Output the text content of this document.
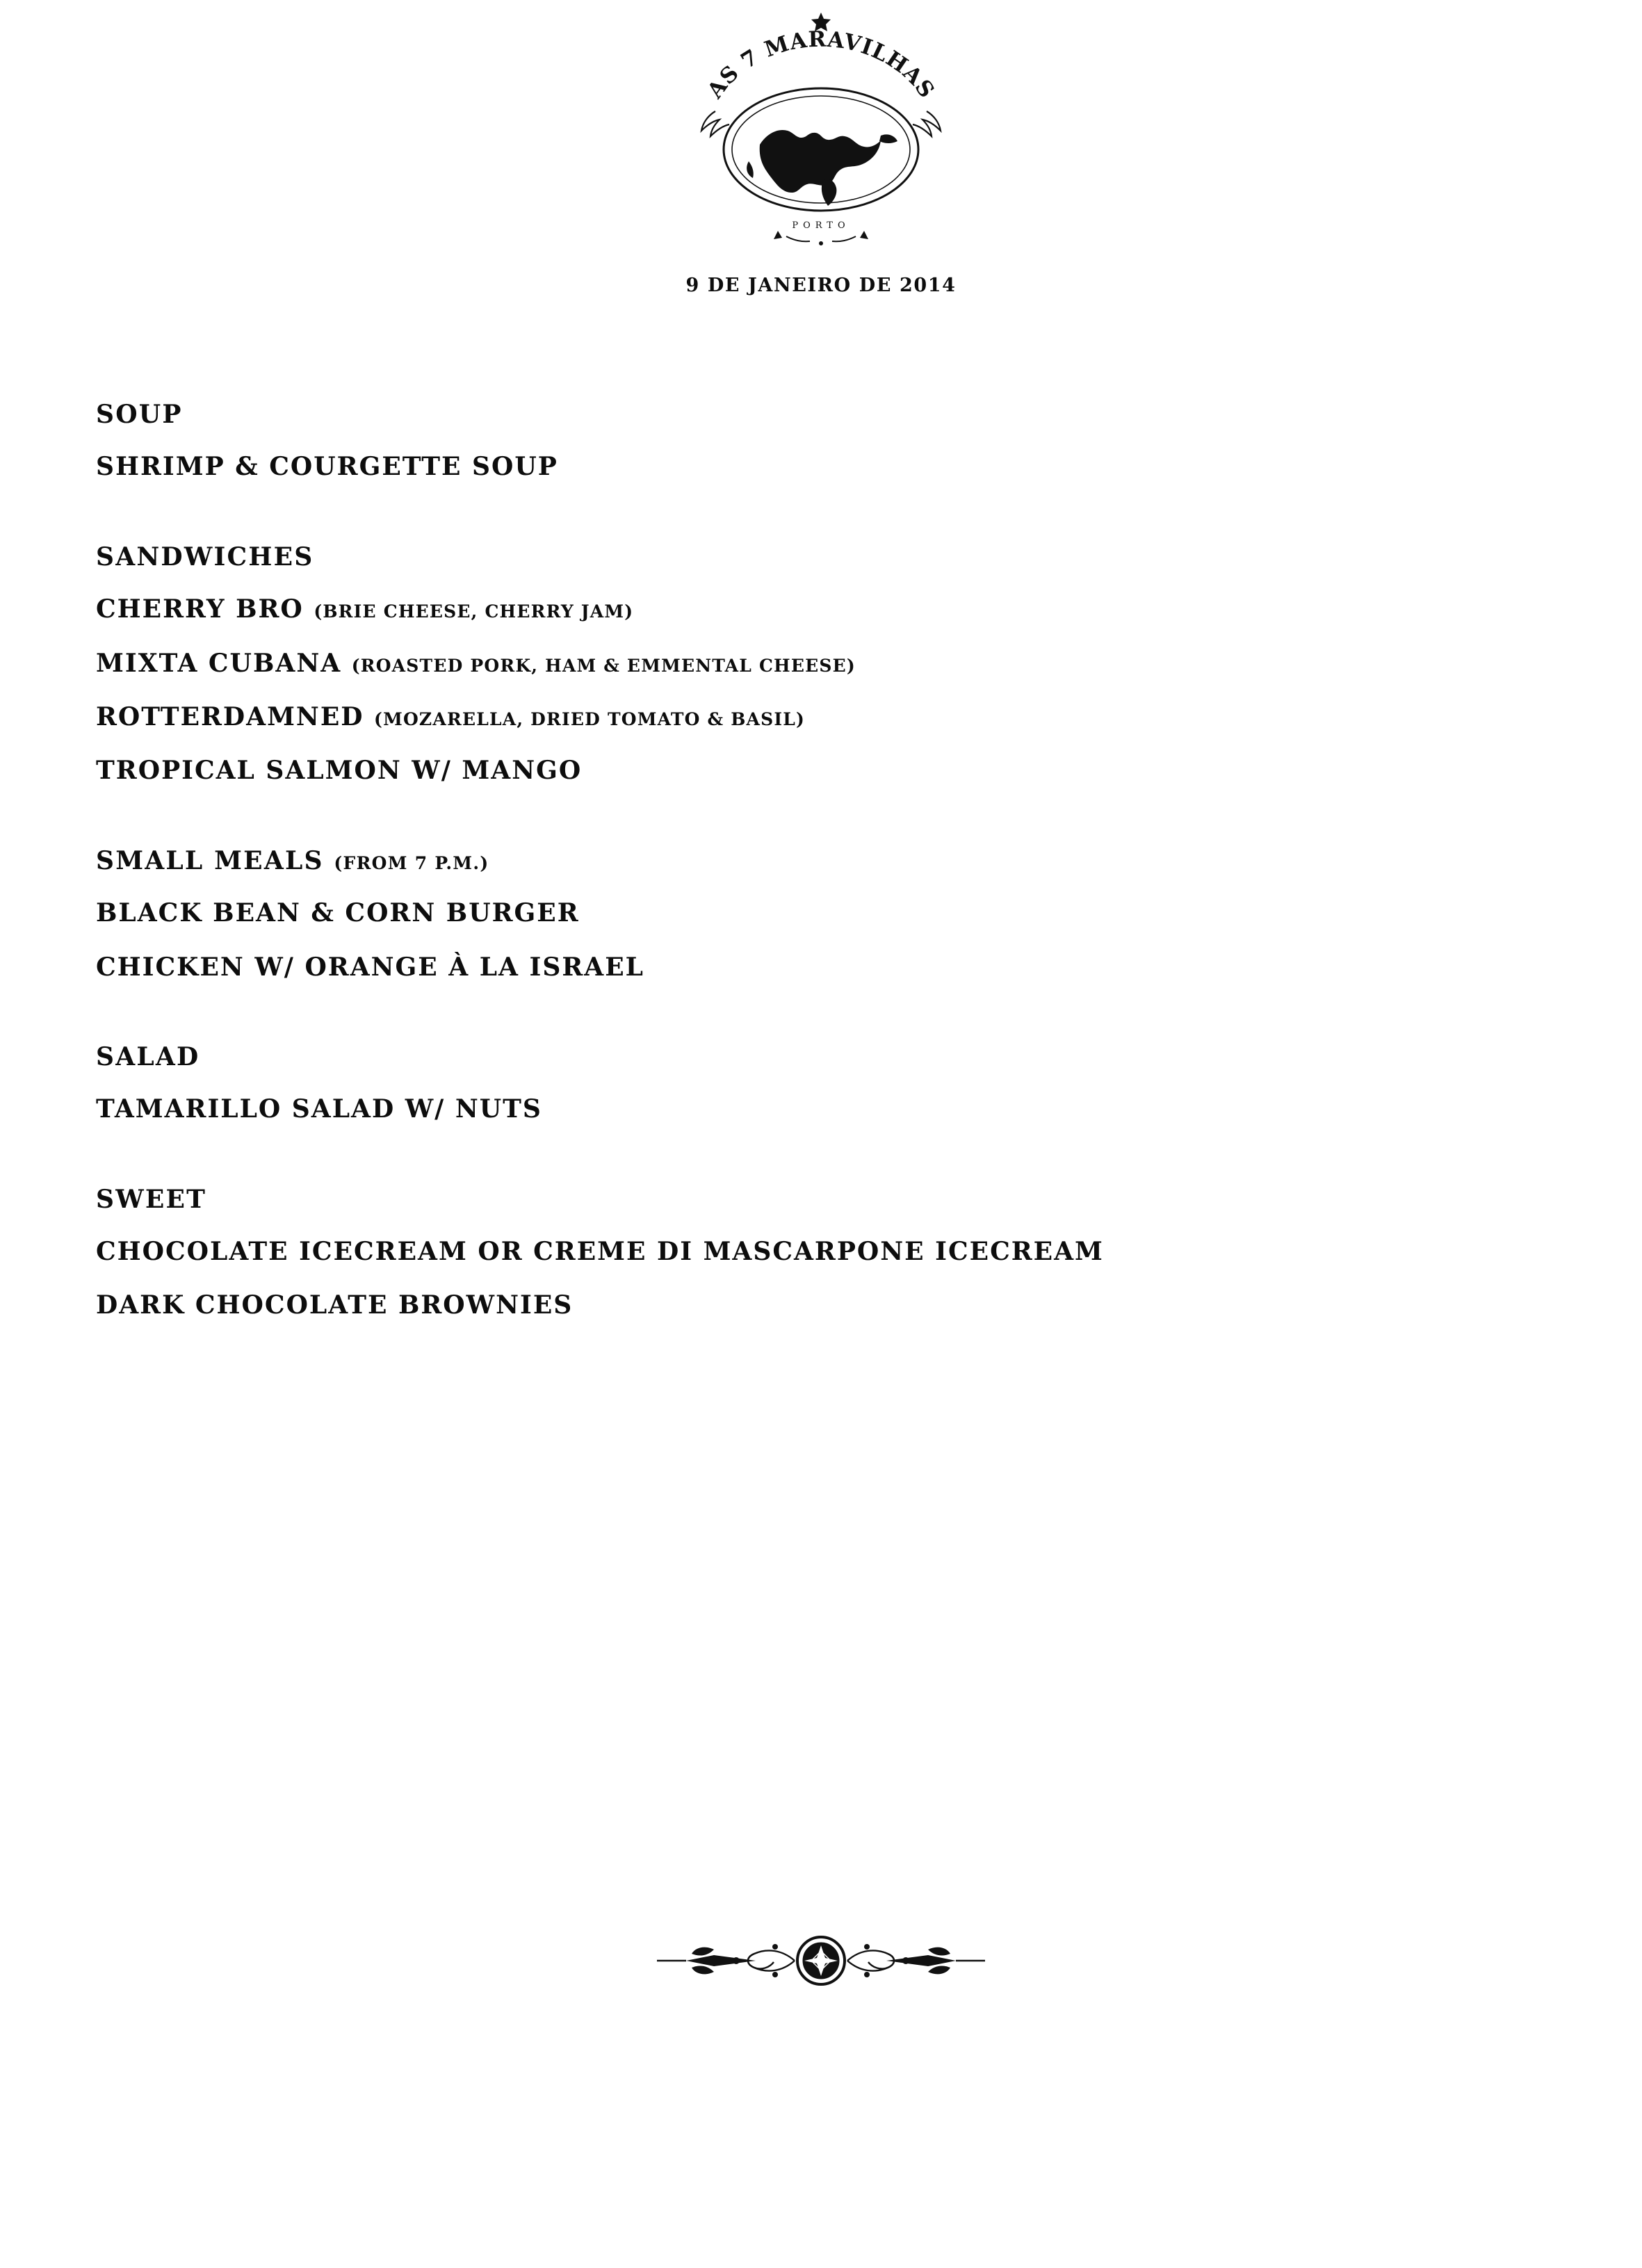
AS 7 MARAVILHAS
PORTO
9 DE JANEIRO DE 2014
SOUP

SHRIMP & COURGETTE SOUP

SANDWICHES

CHERRY BRO (BRIE CHEESE, CHERRY JAM)

MIXTA CUBANA (ROASTED PORK, HAM & EMMENTAL CHEESE)

ROTTERDAMNED (MOZARELLA, DRIED TOMATO & BASIL)

TROPICAL SALMON W/ MANGO

SMALL MEALS (FROM 7 P.M.)

BLACK BEAN & CORN BURGER

CHICKEN W/ ORANGE À LA ISRAEL

SALAD

TAMARILLO SALAD W/ NUTS

SWEET

CHOCOLATE ICECREAM OR CREME DI MASCARPONE ICECREAM

DARK CHOCOLATE BROWNIES
